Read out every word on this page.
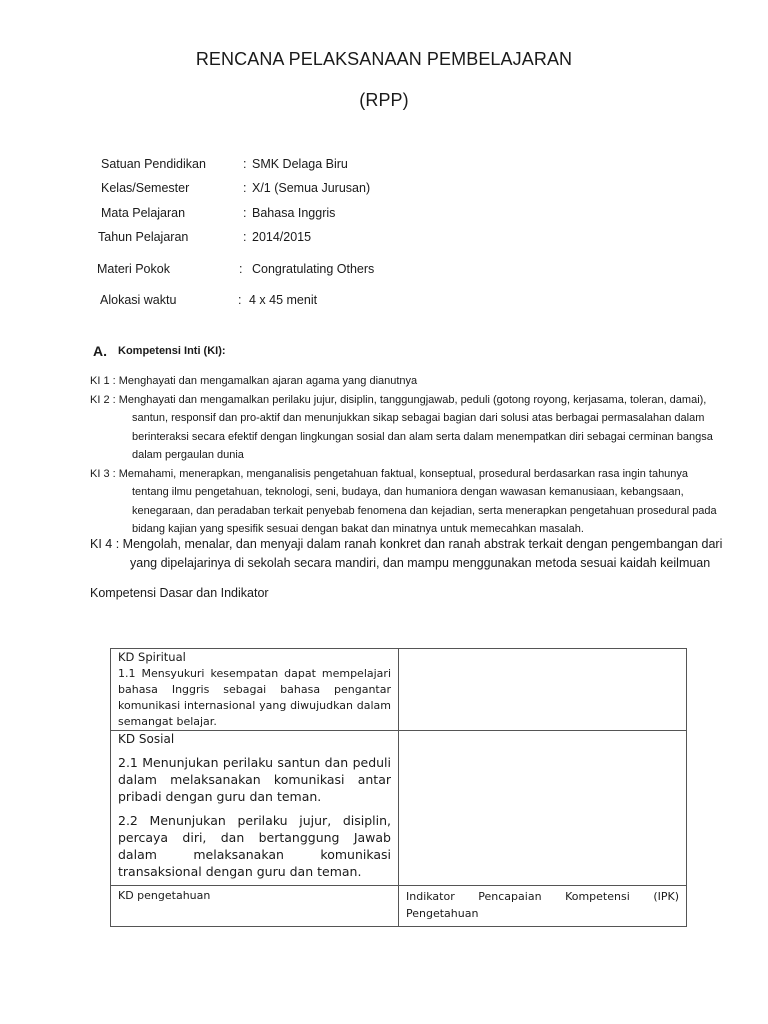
RENCANA PELAKSANAAN PEMBELAJARAN
(RPP)
Satuan Pendidikan	: SMK Delaga Biru
Kelas/Semester	: X/1 (Semua Jurusan)
Mata Pelajaran	: Bahasa Inggris
Tahun Pelajaran	: 2014/2015
Materi Pokok	: Congratulating Others
Alokasi waktu	: 4 x 45 menit
A. Kompetensi Inti (KI):
KI 1 : Menghayati dan mengamalkan ajaran agama yang dianutnya
KI 2 : Menghayati dan mengamalkan perilaku jujur, disiplin, tanggungjawab, peduli (gotong royong, kerjasama, toleran, damai),
santun, responsif dan pro-aktif dan menunjukkan sikap sebagai bagian dari solusi atas berbagai permasalahan dalam
berinteraksi secara efektif dengan lingkungan sosial dan alam serta dalam menempatkan diri sebagai cerminan bangsa
dalam pergaulan dunia
KI 3 : Memahami, menerapkan, menganalisis pengetahuan faktual, konseptual, prosedural berdasarkan rasa ingin tahunya
tentang ilmu pengetahuan, teknologi, seni, budaya, dan humaniora dengan wawasan kemanusiaan, kebangsaan,
kenegaraan, dan peradaban terkait penyebab fenomena dan kejadian, serta menerapkan pengetahuan prosedural pada
bidang kajian yang spesifik sesuai dengan bakat dan minatnya untuk memecahkan masalah.
KI 4 : Mengolah, menalar, dan menyaji dalam ranah konkret dan ranah abstrak terkait dengan pengembangan dari
yang dipelajarinya di sekolah secara mandiri, dan mampu menggunakan metoda sesuai kaidah keilmuan
Kompetensi Dasar dan Indikator
KD Spiritual
1.1 Mensyukuri kesempatan dapat mempelajari bahasa Inggris sebagai bahasa pengantar komunikasi internasional yang diwujudkan dalam semangat belajar.	

KD Sosial
2.1 Menunjukan perilaku santun dan peduli dalam melaksanakan komunikasi antar pribadi dengan guru dan teman.
2.2 Menunjukan perilaku jujur, disiplin, percaya diri, dan bertanggung Jawab dalam melaksanakan komunikasi transaksional dengan guru dan teman.	

KD pengetahuan	Indikator Pencapaian Kompetensi (IPK) Pengetahuan
